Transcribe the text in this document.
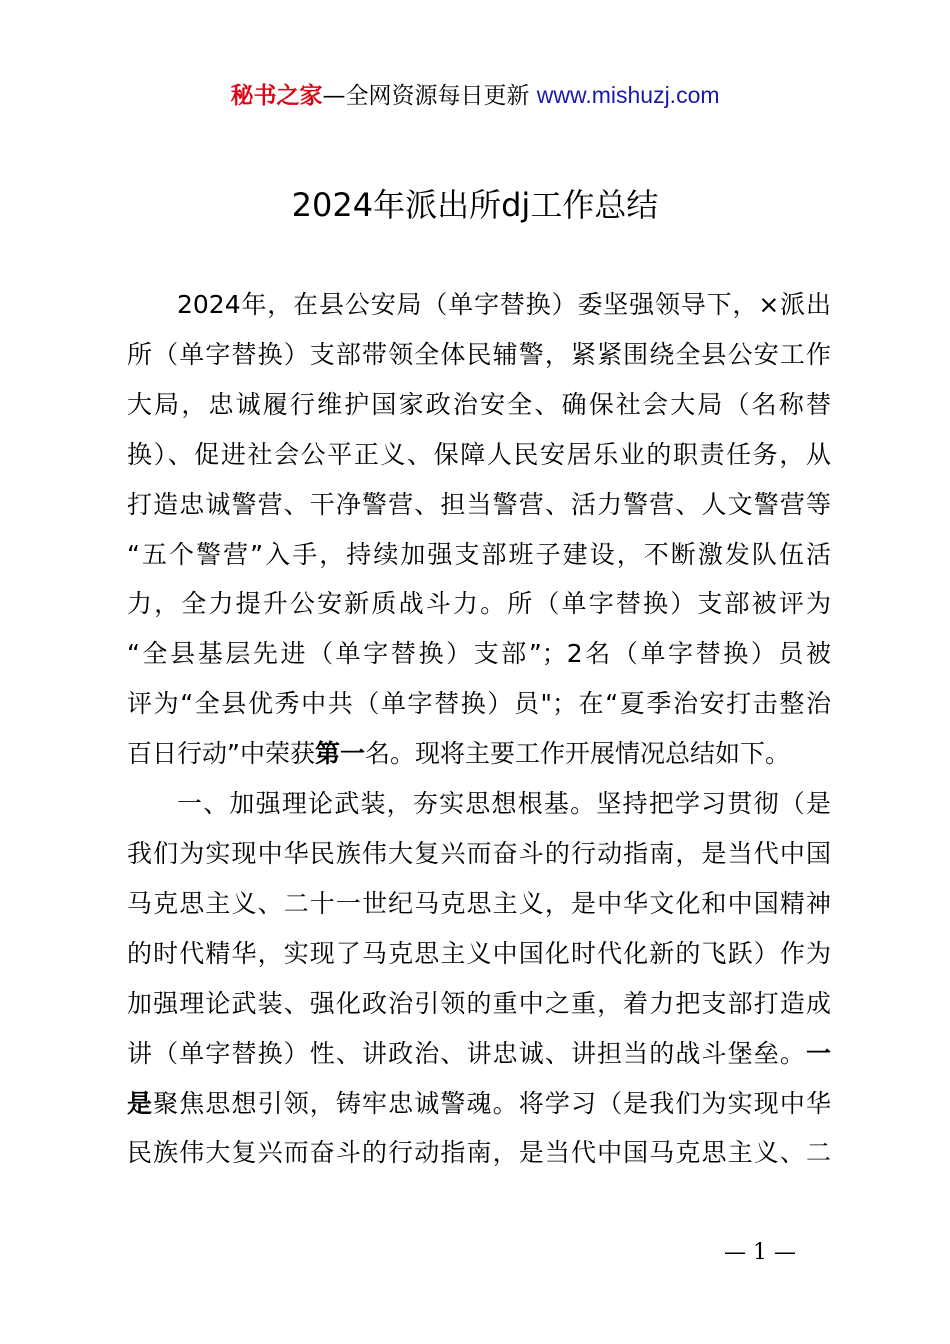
秘书之家—全网资源每日更新 www.mishuzj.com
2024年派出所dj工作总结
2024年，在县公安局（单字替换）委坚强领导下，×派出
所（单字替换）支部带领全体民辅警，紧紧围绕全县公安工作
大局，忠诚履行维护国家政治安全、确保社会大局（名称替
换）、促进社会公平正义、保障人民安居乐业的职责任务，从
打造忠诚警营、干净警营、担当警营、活力警营、人文警营等
“五个警营”入手，持续加强支部班子建设，不断激发队伍活
力，全力提升公安新质战斗力。所（单字替换）支部被评为
“全县基层先进（单字替换）支部”；2名（单字替换）员被
评为“全县优秀中共（单字替换）员"；在“夏季治安打击整治
百日行动”中荣获第一名。现将主要工作开展情况总结如下。
一、加强理论武装，夯实思想根基。坚持把学习贯彻（是
我们为实现中华民族伟大复兴而奋斗的行动指南，是当代中国
马克思主义、二十一世纪马克思主义，是中华文化和中国精神
的时代精华，实现了马克思主义中国化时代化新的飞跃）作为
加强理论武装、强化政治引领的重中之重，着力把支部打造成
讲（单字替换）性、讲政治、讲忠诚、讲担当的战斗堡垒。一
是聚焦思想引领，铸牢忠诚警魂。将学习（是我们为实现中华
民族伟大复兴而奋斗的行动指南，是当代中国马克思主义、二
— 1 —
